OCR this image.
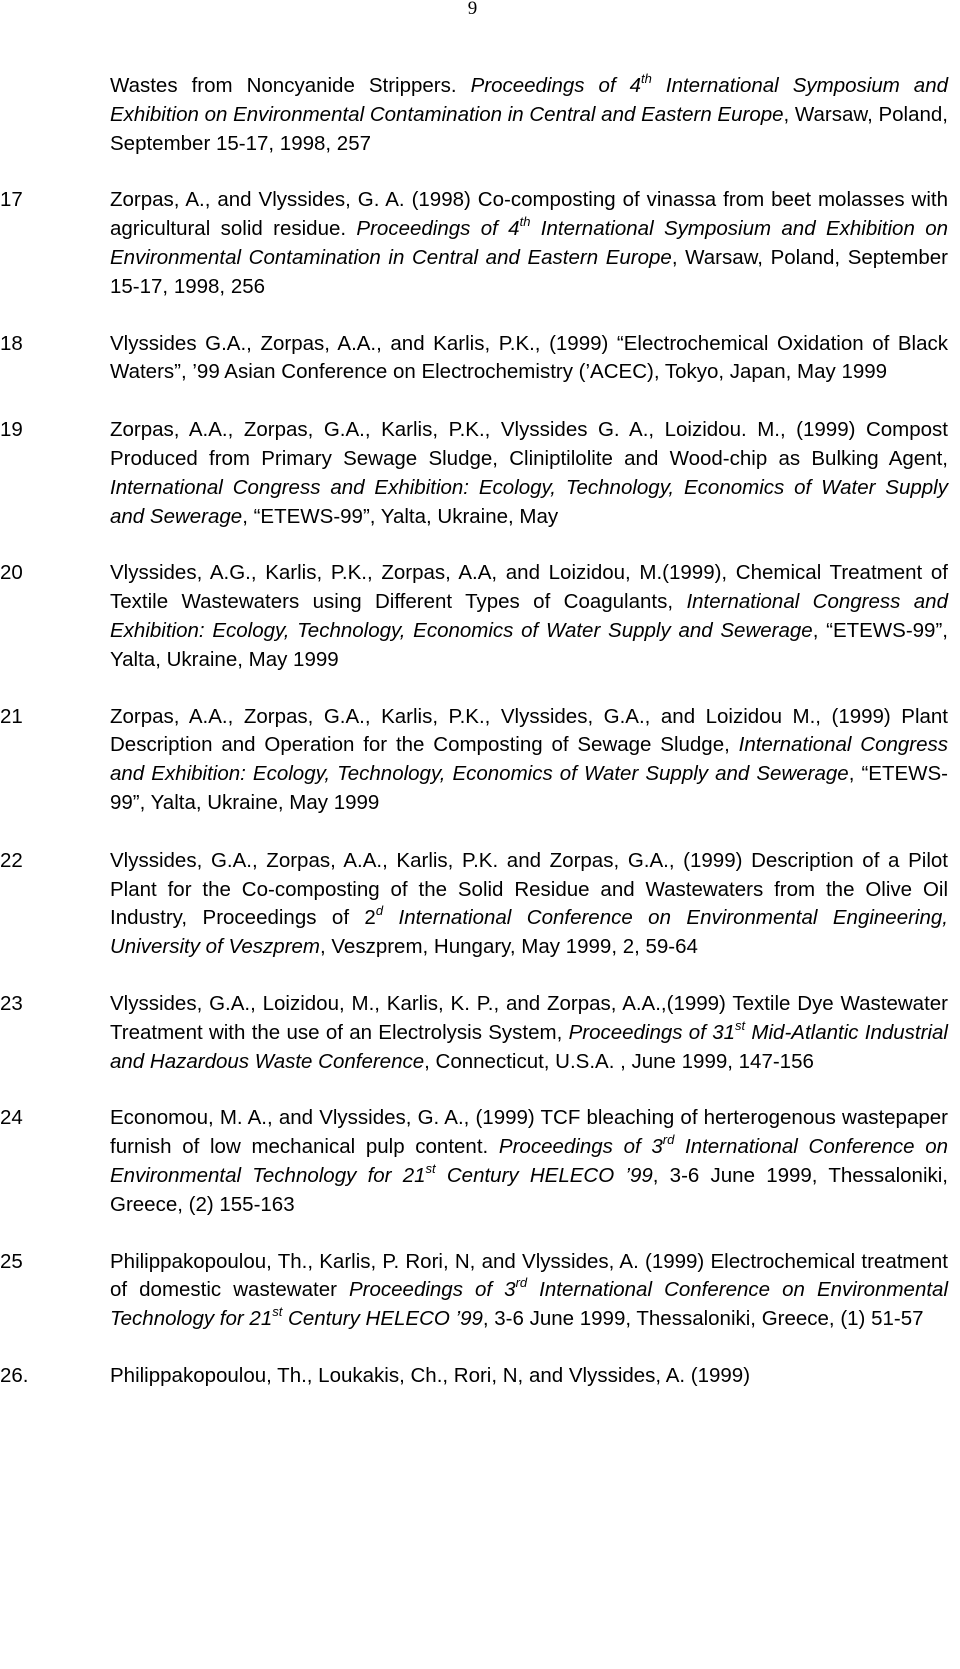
9
Wastes from Noncyanide Strippers. Proceedings of 4th International Symposium and Exhibition on Environmental Contamination in Central and Eastern Europe, Warsaw, Poland, September 15-17, 1998, 257
17	Zorpas, A., and Vlyssides, G. A. (1998) Co-composting of vinassa from beet molasses with agricultural solid residue. Proceedings of 4th International Symposium and Exhibition on Environmental Contamination in Central and Eastern Europe, Warsaw, Poland, September 15-17, 1998, 256
18	Vlyssides G.A., Zorpas, A.A., and Karlis, P.K., (1999) “Electrochemical Oxidation of Black Waters”, ’99 Asian Conference on Electrochemistry (’ACEC), Tokyo, Japan, May 1999
19	Zorpas, A.A., Zorpas, G.A., Karlis, P.K., Vlyssides G. A., Loizidou. M., (1999) Compost Produced from Primary Sewage Sludge, Cliniptilolite and Wood-chip as Bulking Agent, International Congress and Exhibition: Ecology, Technology, Economics of Water Supply and Sewerage, “ETEWS-99”, Yalta, Ukraine, May
20	Vlyssides, A.G., Karlis, P.K., Zorpas, A.A, and Loizidou, M.(1999), Chemical Treatment of Textile Wastewaters using Different Types of Coagulants, International Congress and Exhibition: Ecology, Technology, Economics of Water Supply and Sewerage, “ETEWS-99”, Yalta, Ukraine, May 1999
21	Zorpas, A.A., Zorpas, G.A., Karlis, P.K., Vlyssides, G.A., and Loizidou M., (1999) Plant Description and Operation for the Composting of Sewage Sludge, International Congress and Exhibition: Ecology, Technology, Economics of Water Supply and Sewerage, “ETEWS-99”, Yalta, Ukraine, May 1999
22	Vlyssides, G.A., Zorpas, A.A., Karlis, P.K. and Zorpas, G.A., (1999) Description of a Pilot Plant for the Co-composting of the Solid Residue and Wastewaters from the Olive Oil Industry, Proceedings of 2$^d$ International Conference on Environmental Engineering, University of Veszprem, Veszprem, Hungary, May 1999, 2, 59-64
23	Vlyssides, G.A., Loizidou, M., Karlis, K. P., and Zorpas, A.A.,(1999) Textile Dye Wastewater Treatment with the use of an Electrolysis System, Proceedings of 31st Mid-Atlantic Industrial and Hazardous Waste Conference, Connecticut, U.S.A. , June 1999, 147-156
24	Economou, M. A., and Vlyssides, G. A., (1999) TCF bleaching of herterogenous wastepaper furnish of low mechanical pulp content. Proceedings of 3rd International Conference on Environmental Technology for 21st Century HELECO ’99, 3-6 June 1999, Thessaloniki, Greece, (2) 155-163
25	Philippakopoulou, Th., Karlis, P. Rori, N, and Vlyssides, A. (1999) Electrochemical treatment of domestic wastewater Proceedings of 3rd International Conference on Environmental Technology for 21st Century HELECO ’99, 3-6 June 1999, Thessaloniki, Greece, (1) 51-57
26.	Philippakopoulou, Th., Loukakis, Ch., Rori, N, and Vlyssides, A. (1999)
